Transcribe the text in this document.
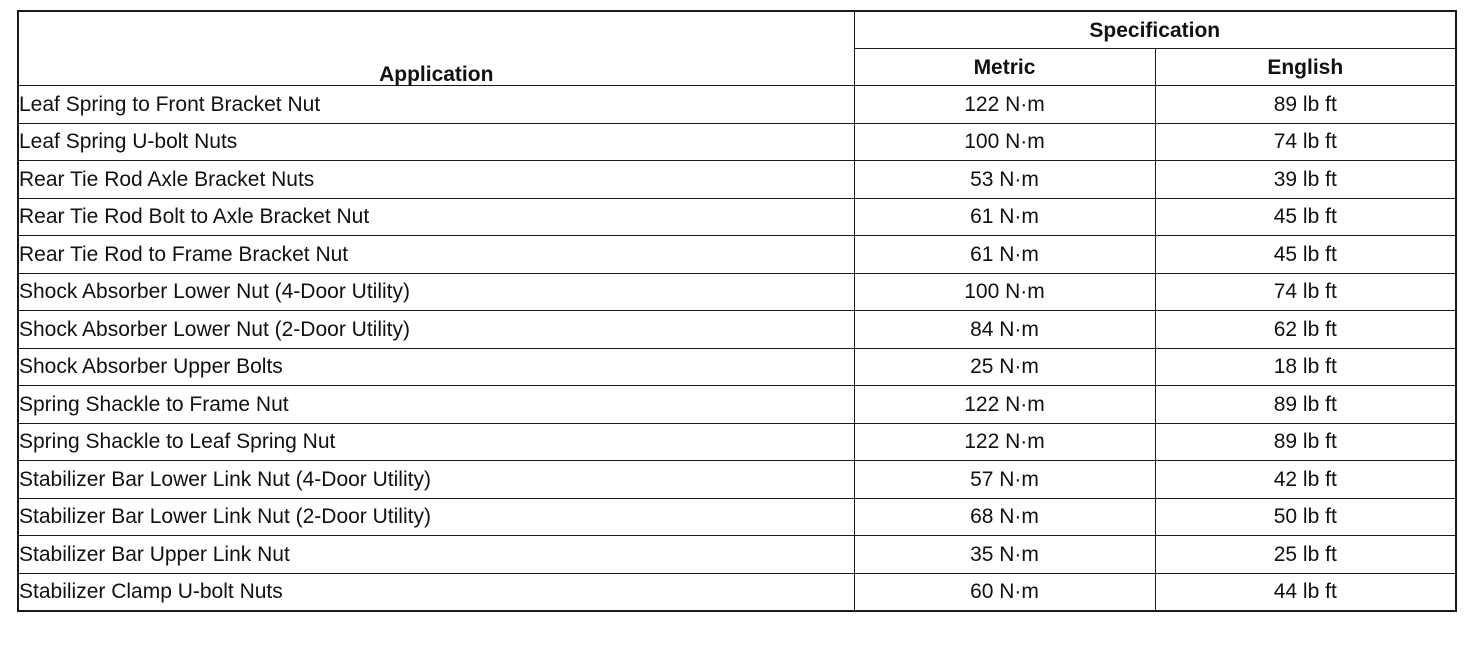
Application	Specification	
	Metric	English
Leaf Spring to Front Bracket Nut	122 N·m	89 lb ft
Leaf Spring U-bolt Nuts	100 N·m	74 lb ft
Rear Tie Rod Axle Bracket Nuts	53 N·m	39 lb ft
Rear Tie Rod Bolt to Axle Bracket Nut	61 N·m	45 lb ft
Rear Tie Rod to Frame Bracket Nut	61 N·m	45 lb ft
Shock Absorber Lower Nut (4-Door Utility)	100 N·m	74 lb ft
Shock Absorber Lower Nut (2-Door Utility)	84 N·m	62 lb ft
Shock Absorber Upper Bolts	25 N·m	18 lb ft
Spring Shackle to Frame Nut	122 N·m	89 lb ft
Spring Shackle to Leaf Spring Nut	122 N·m	89 lb ft
Stabilizer Bar Lower Link Nut (4-Door Utility)	57 N·m	42 lb ft
Stabilizer Bar Lower Link Nut (2-Door Utility)	68 N·m	50 lb ft
Stabilizer Bar Upper Link Nut	35 N·m	25 lb ft
Stabilizer Clamp U-bolt Nuts	60 N·m	44 lb ft
